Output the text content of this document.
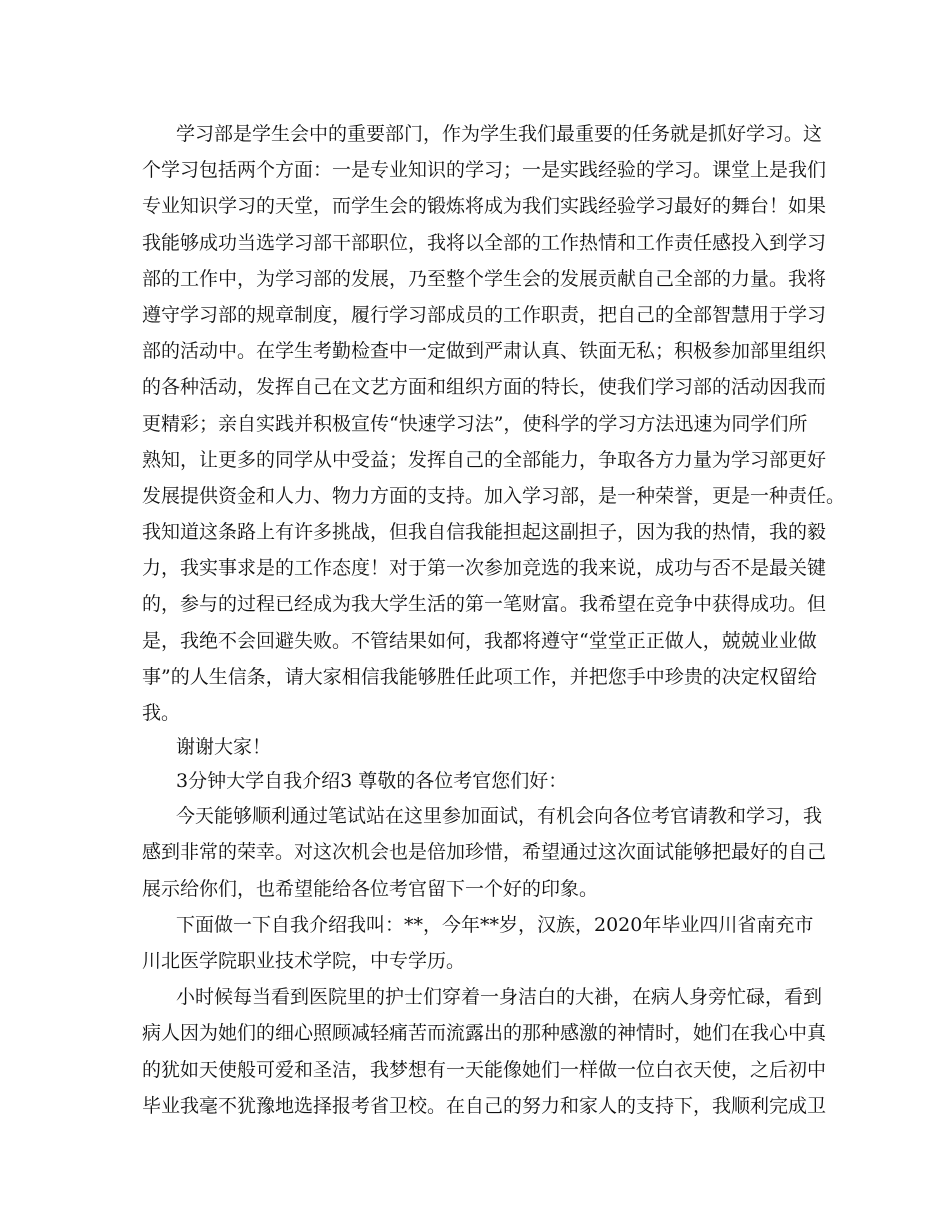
学习部是学生会中的重要部门，作为学生我们最重要的任务就是抓好学习。这
个学习包括两个方面：一是专业知识的学习；一是实践经验的学习。课堂上是我们
专业知识学习的天堂，而学生会的锻炼将成为我们实践经验学习最好的舞台！如果
我能够成功当选学习部干部职位，我将以全部的工作热情和工作责任感投入到学习
部的工作中，为学习部的发展，乃至整个学生会的发展贡献自己全部的力量。我将
遵守学习部的规章制度，履行学习部成员的工作职责，把自己的全部智慧用于学习
部的活动中。在学生考勤检查中一定做到严肃认真、铁面无私；积极参加部里组织
的各种活动，发挥自己在文艺方面和组织方面的特长，使我们学习部的活动因我而
更精彩；亲自实践并积极宣传“快速学习法”，使科学的学习方法迅速为同学们所
熟知，让更多的同学从中受益；发挥自己的全部能力，争取各方力量为学习部更好
发展提供资金和人力、物力方面的支持。加入学习部，是一种荣誉，更是一种责任。
我知道这条路上有许多挑战，但我自信我能担起这副担子，因为我的热情，我的毅
力，我实事求是的工作态度！对于第一次参加竞选的我来说，成功与否不是最关键
的，参与的过程已经成为我大学生活的第一笔财富。我希望在竞争中获得成功。但
是，我绝不会回避失败。不管结果如何，我都将遵守“堂堂正正做人，兢兢业业做
事”的人生信条，请大家相信我能够胜任此项工作，并把您手中珍贵的决定权留给
我。
谢谢大家！
3分钟大学自我介绍3 尊敬的各位考官您们好：
今天能够顺利通过笔试站在这里参加面试，有机会向各位考官请教和学习，我
感到非常的荣幸。对这次机会也是倍加珍惜，希望通过这次面试能够把最好的自己
展示给你们，也希望能给各位考官留下一个好的印象。
下面做一下自我介绍我叫：**，今年**岁，汉族，2020年毕业四川省南充市
川北医学院职业技术学院，中专学历。
小时候每当看到医院里的护士们穿着一身洁白的大褂，在病人身旁忙碌，看到
病人因为她们的细心照顾减轻痛苦而流露出的那种感激的神情时，她们在我心中真
的犹如天使般可爱和圣洁，我梦想有一天能像她们一样做一位白衣天使，之后初中
毕业我毫不犹豫地选择报考省卫校。在自己的努力和家人的支持下，我顺利完成卫
